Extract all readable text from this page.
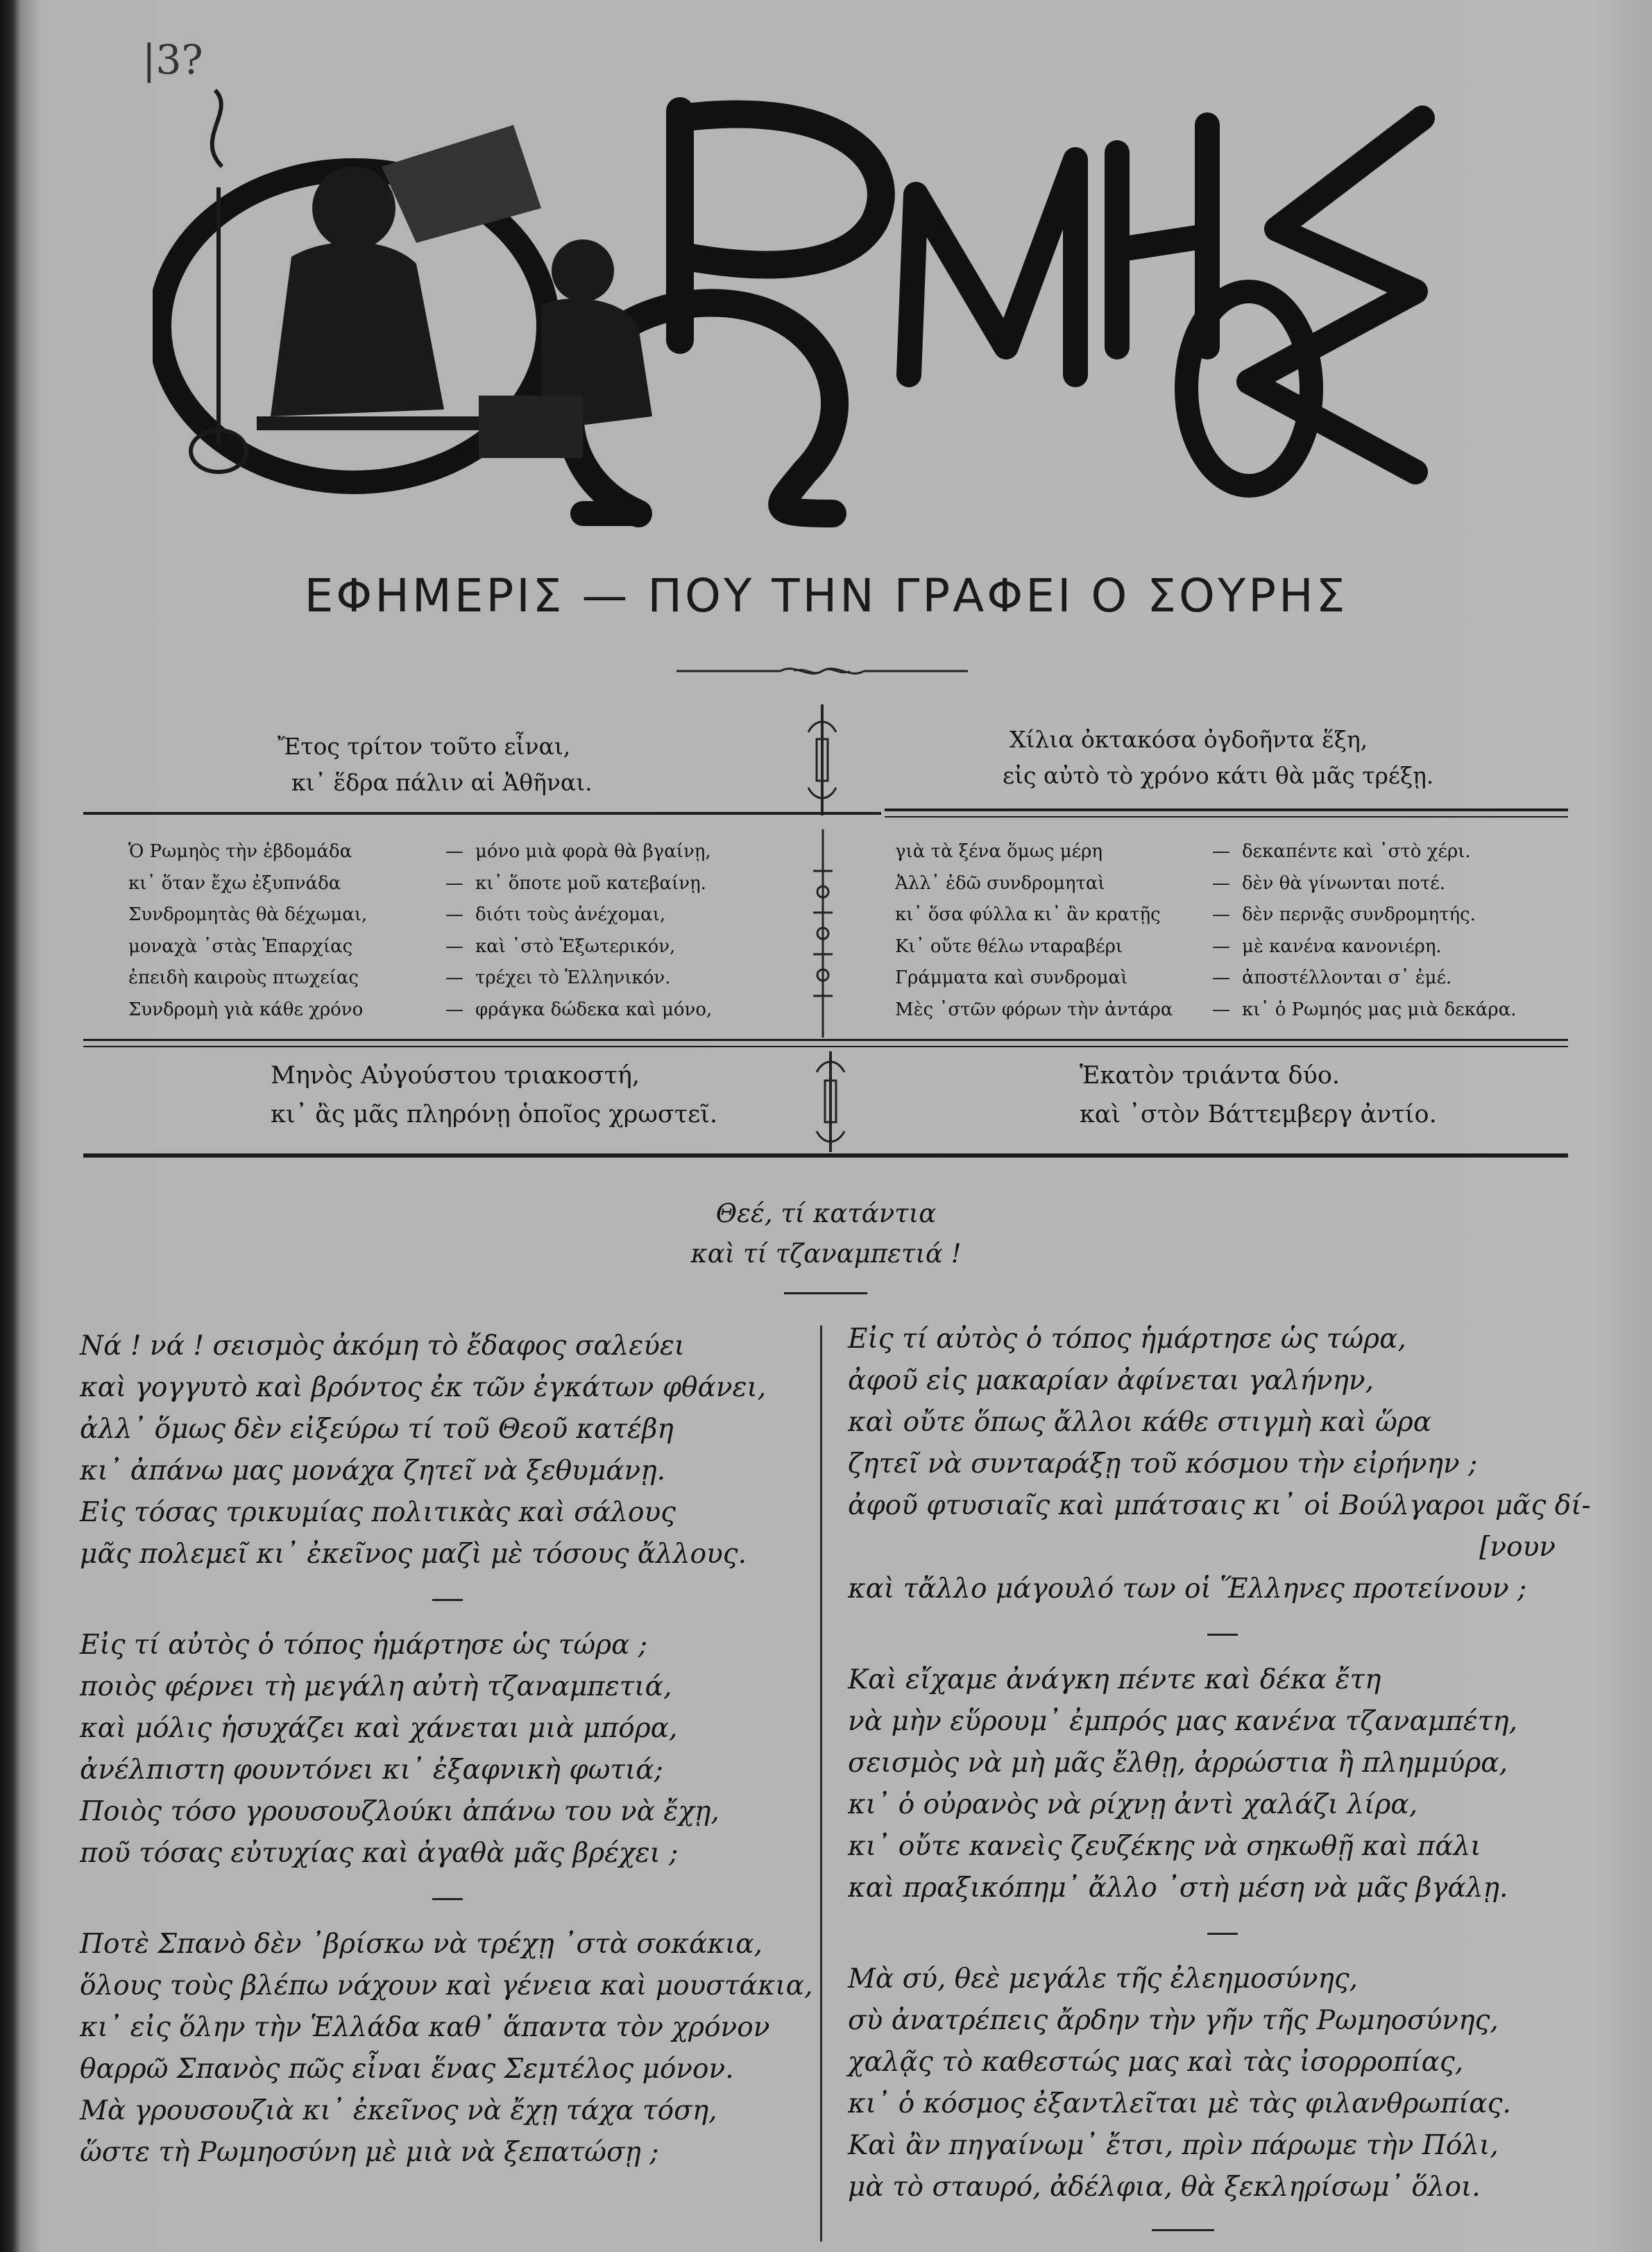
|3?
ΕΦΗΜΕΡΙΣ — ΠΟΥ ΤΗΝ ΓΡΑΦΕΙ Ο ΣΟΥΡΗΣ
Ἔτος τρίτον τοῦτο εἶναι,
κι᾽ ἕδρα πάλιν αἱ Ἀθῆναι.
Χίλια ὀκτακόσα ὀγδοῆντα ἕξη,
εἰς αὐτὸ τὸ χρόνο κάτι θὰ μᾶς τρέξῃ.
Ὁ Ρωμηὸς τὴν ἑβδομάδα	— μόνο μιὰ φορὰ θὰ βγαίνῃ,
κι᾽ ὅταν ἔχω ἐξυπνάδα	— κι᾽ ὅποτε μοῦ κατεβαίνῃ.
Συνδρομητὰς θὰ δέχωμαι,	— διότι τοὺς ἀνέχομαι,
μοναχὰ ᾽στὰς Ἐπαρχίας	— καὶ ᾽στὸ Ἐξωτερικόν,
ἐπειδὴ καιροὺς πτωχείας	— τρέχει τὸ Ἑλληνικόν.
Συνδρομὴ γιὰ κάθε χρόνο	— φράγκα δώδεκα καὶ μόνο,
γιὰ τὰ ξένα ὅμως μέρη	— δεκαπέντε καὶ ᾽στὸ χέρι.
Ἀλλ᾽ ἐδῶ συνδρομηταὶ	— δὲν θὰ γίνωνται ποτέ.
κι᾽ ὅσα φύλλα κι᾽ ἂν κρατῇς	— δὲν περνᾷς συνδρομητής.
Κι᾽ οὔτε θέλω νταραβέρι	— μὲ κανένα κανονιέρη.
Γράμματα καὶ συνδρομαὶ	— ἀποστέλλονται σ᾽ ἐμέ.
Μὲς ᾽στῶν φόρων τὴν ἀντάρα	— κι᾽ ὁ Ρωμηός μας μιὰ δεκάρα.
Μηνὸς Αὐγούστου τριακοστή,
κι᾽ ἂς μᾶς πληρόνῃ ὁποῖος χρωστεῖ.
Ἑκατὸν τριάντα δύο.
καὶ ᾽στὸν Βάττεμβεργ ἀντίο.
Θεέ, τί κατάντια
καὶ τί τζαναμπετιά !
Νά ! νά ! σεισμὸς ἀκόμη τὸ ἔδαφος σαλεύει
καὶ γογγυτὸ καὶ βρόντος ἐκ τῶν ἐγκάτων φθάνει,
ἀλλ᾽ ὅμως δὲν εἰξεύρω τί τοῦ Θεοῦ κατέβη
κι᾽ ἀπάνω μας μονάχα ζητεῖ νὰ ξεθυμάνῃ.
Εἰς τόσας τρικυμίας πολιτικὰς καὶ σάλους
μᾶς πολεμεῖ κι᾽ ἐκεῖνος μαζὶ μὲ τόσους ἄλλους.
Εἰς τί αὐτὸς ὁ τόπος ἡμάρτησε ὡς τώρα ;
ποιὸς φέρνει τὴ μεγάλη αὐτὴ τζαναμπετιά,
καὶ μόλις ἡσυχάζει καὶ χάνεται μιὰ μπόρα,
ἀνέλπιστη φουντόνει κι᾽ ἐξαφνικὴ φωτιά;
Ποιὸς τόσο γρουσουζλούκι ἀπάνω του νὰ ἔχῃ,
ποῦ τόσας εὐτυχίας καὶ ἀγαθὰ μᾶς βρέχει ;
Ποτὲ Σπανὸ δὲν ᾽βρίσκω νὰ τρέχῃ ᾽στὰ σοκάκια,
ὅλους τοὺς βλέπω νάχουν καὶ γένεια καὶ μουστάκια,
κι᾽ εἰς ὅλην τὴν Ἑλλάδα καθ᾽ ἅπαντα τὸν χρόνον
θαρρῶ Σπανὸς πῶς εἶναι ἕνας Σεμτέλος μόνον.
Μὰ γρουσουζιὰ κι᾽ ἐκεῖνος νὰ ἔχῃ τάχα τόση,
ὥστε τὴ Ρωμηοσύνη μὲ μιὰ νὰ ξεπατώσῃ ;
Εἰς τί αὐτὸς ὁ τόπος ἡμάρτησε ὡς τώρα,
ἀφοῦ εἰς μακαρίαν ἀφίνεται γαλήνην,
καὶ οὔτε ὅπως ἄλλοι κάθε στιγμὴ καὶ ὥρα
ζητεῖ νὰ συνταράξῃ τοῦ κόσμου τὴν εἰρήνην ;
ἀφοῦ φτυσιαῖς καὶ μπάτσαις κι᾽ οἱ Βούλγαροι μᾶς δί-
[νουν
καὶ τἄλλο μάγουλό των οἱ Ἕλληνες προτείνουν ;
Καὶ εἴχαμε ἀνάγκη πέντε καὶ δέκα ἔτη
νὰ μὴν εὕρουμ᾽ ἐμπρός μας κανένα τζαναμπέτη,
σεισμὸς νὰ μὴ μᾶς ἔλθῃ, ἀρρώστια ἢ πλημμύρα,
κι᾽ ὁ οὐρανὸς νὰ ρίχνῃ ἀντὶ χαλάζι λίρα,
κι᾽ οὔτε κανεὶς ζευζέκης νὰ σηκωθῇ καὶ πάλι
καὶ πραξικόπημ᾽ ἄλλο ᾽στὴ μέση νὰ μᾶς βγάλῃ.
Μὰ σύ, θεὲ μεγάλε τῆς ἐλεημοσύνης,
σὺ ἀνατρέπεις ἄρδην τὴν γῆν τῆς Ρωμηοσύνης,
χαλᾷς τὸ καθεστώς μας καὶ τὰς ἰσορροπίας,
κι᾽ ὁ κόσμος ἐξαντλεῖται μὲ τὰς φιλανθρωπίας.
Καὶ ἂν πηγαίνωμ᾽ ἔτσι, πρὶν πάρωμε τὴν Πόλι,
μὰ τὸ σταυρό, ἀδέλφια, θὰ ξεκληρίσωμ᾽ ὅλοι.
